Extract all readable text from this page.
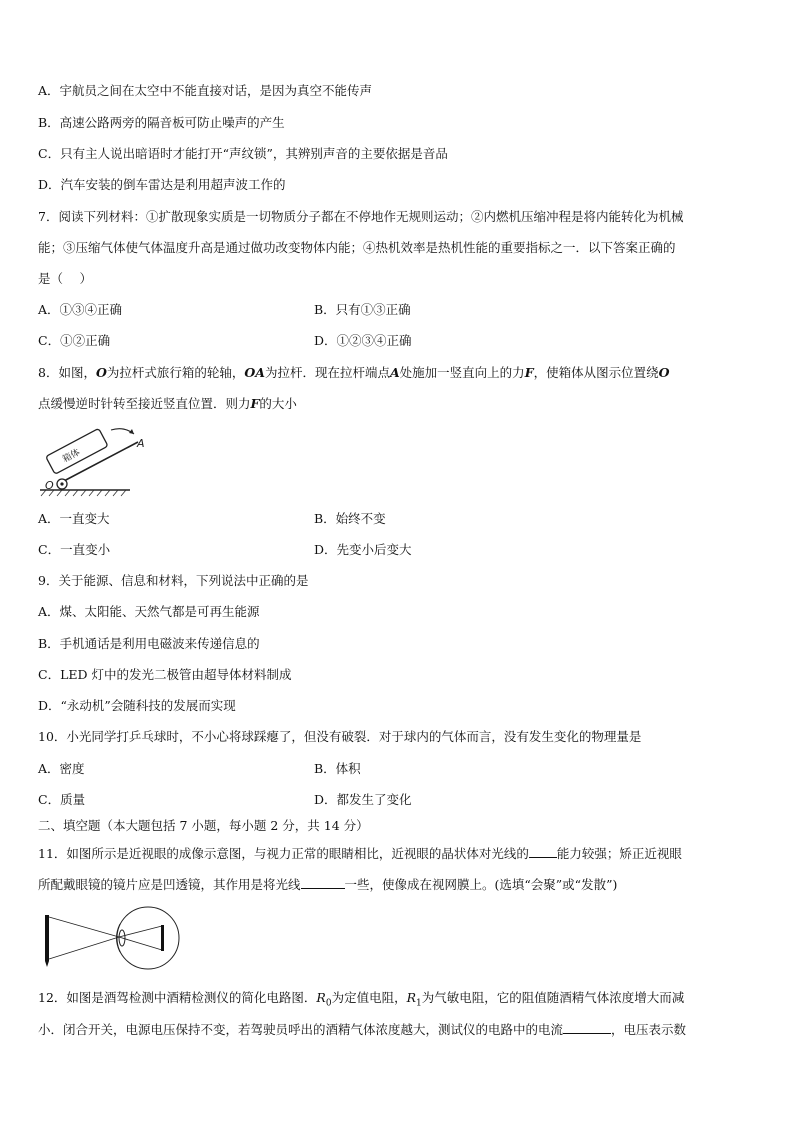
A．宇航员之间在太空中不能直接对话，是因为真空不能传声
B．高速公路两旁的隔音板可防止噪声的产生
C．只有主人说出暗语时才能打开“声纹锁”，其辨别声音的主要依据是音品
D．汽车安装的倒车雷达是利用超声波工作的
7．阅读下列材料：①扩散现象实质是一切物质分子都在不停地作无规则运动；②内燃机压缩冲程是将内能转化为机械
能；③压缩气体使气体温度升高是通过做功改变物体内能；④热机效率是热机性能的重要指标之一．以下答案正确的
是（　 ）
A．①③④正确	B．只有①③正确
C．①②正确	D．①②③④正确
8．如图，O为拉杆式旅行箱的轮轴，OA为拉杆．现在拉杆端点A处施加一竖直向上的力F，使箱体从图示位置绕O
点缓慢逆时针转至接近竖直位置．则力F的大小
箱体
A
O
A．一直变大	B．始终不变
C．一直变小	D．先变小后变大
9．关于能源、信息和材料，下列说法中正确的是
A．煤、太阳能、天然气都是可再生能源
B．手机通话是利用电磁波来传递信息的
C．LED 灯中的发光二极管由超导体材料制成
D．“永动机”会随科技的发展而实现
10．小光同学打乒乓球时，不小心将球踩瘪了，但没有破裂．对于球内的气体而言，没有发生变化的物理量是
A．密度	B．体积
C．质量	D．都发生了变化
二、填空题（本大题包括 7 小题，每小题 2 分，共 14 分）
11．如图所示是近视眼的成像示意图，与视力正常的眼睛相比，近视眼的晶状体对光线的 能力较强；矫正近视眼
所配戴眼镜的镜片应是凹透镜，其作用是将光线	一些，使像成在视网膜上。(选填“会聚”或“发散”)
12．如图是酒驾检测中酒精检测仪的简化电路图．$R_0$为定值电阻，$R_1$为气敏电阻，它的阻值随酒精气体浓度增大而减
小．闭合开关，电源电压保持不变，若驾驶员呼出的酒精气体浓度越大，测试仪的电路中的电流	，电压表示数
